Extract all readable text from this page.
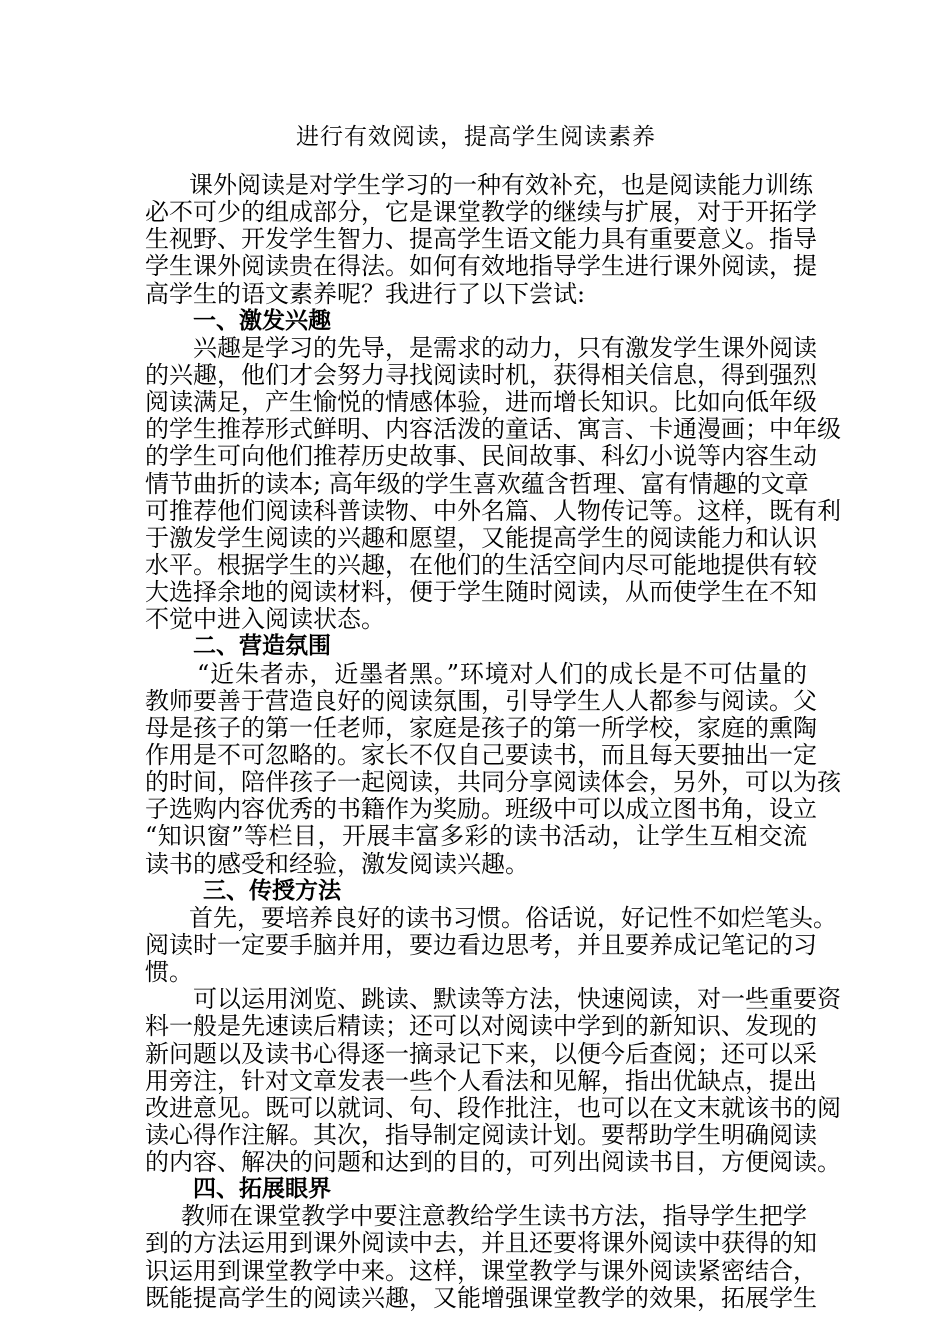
进行有效阅读，提高学生阅读素养
课外阅读是对学生学习的一种有效补充，也是阅读能力训练
必不可少的组成部分，它是课堂教学的继续与扩展，对于开拓学
生视野、开发学生智力、提高学生语文能力具有重要意义。指导
学生课外阅读贵在得法。如何有效地指导学生进行课外阅读，提
高学生的语文素养呢？我进行了以下尝试:
一、激发兴趣
兴趣是学习的先导，是需求的动力，只有激发学生课外阅读
的兴趣，他们才会努力寻找阅读时机，获得相关信息，得到强烈
阅读满足，产生愉悦的情感体验，进而增长知识。比如向低年级
的学生推荐形式鲜明、内容活泼的童话、寓言、卡通漫画；中年级
的学生可向他们推荐历史故事、民间故事、科幻小说等内容生动
情节曲折的读本; 高年级的学生喜欢蕴含哲理、富有情趣的文章
可推荐他们阅读科普读物、中外名篇、人物传记等。这样，既有利
于激发学生阅读的兴趣和愿望，又能提高学生的阅读能力和认识
水平。根据学生的兴趣，在他们的生活空间内尽可能地提供有较
大选择余地的阅读材料，便于学生随时阅读，从而使学生在不知
不觉中进入阅读状态。
二、营造氛围
“近朱者赤，近墨者黑。”环境对人们的成长是不可估量的
教师要善于营造良好的阅读氛围，引导学生人人都参与阅读。父
母是孩子的第一任老师，家庭是孩子的第一所学校，家庭的熏陶
作用是不可忽略的。家长不仅自己要读书，而且每天要抽出一定
的时间，陪伴孩子一起阅读，共同分享阅读体会，另外，可以为孩
子选购内容优秀的书籍作为奖励。班级中可以成立图书角，设立
“知识窗”等栏目，开展丰富多彩的读书活动，让学生互相交流
读书的感受和经验，激发阅读兴趣。
三、传授方法
首先，要培养良好的读书习惯。俗话说，好记性不如烂笔头。
阅读时一定要手脑并用，要边看边思考，并且要养成记笔记的习
惯。
可以运用浏览、跳读、默读等方法，快速阅读，对一些重要资
料一般是先速读后精读；还可以对阅读中学到的新知识、发现的
新问题以及读书心得逐一摘录记下来，以便今后查阅；还可以采
用旁注，针对文章发表一些个人看法和见解，指出优缺点，提出
改进意见。既可以就词、句、段作批注，也可以在文末就该书的阅
读心得作注解。其次，指导制定阅读计划。要帮助学生明确阅读
的内容、解决的问题和达到的目的，可列出阅读书目，方便阅读。
四、拓展眼界
教师在课堂教学中要注意教给学生读书方法，指导学生把学
到的方法运用到课外阅读中去，并且还要将课外阅读中获得的知
识运用到课堂教学中来。这样，课堂教学与课外阅读紧密结合，
既能提高学生的阅读兴趣，又能增强课堂教学的效果，拓展学生
